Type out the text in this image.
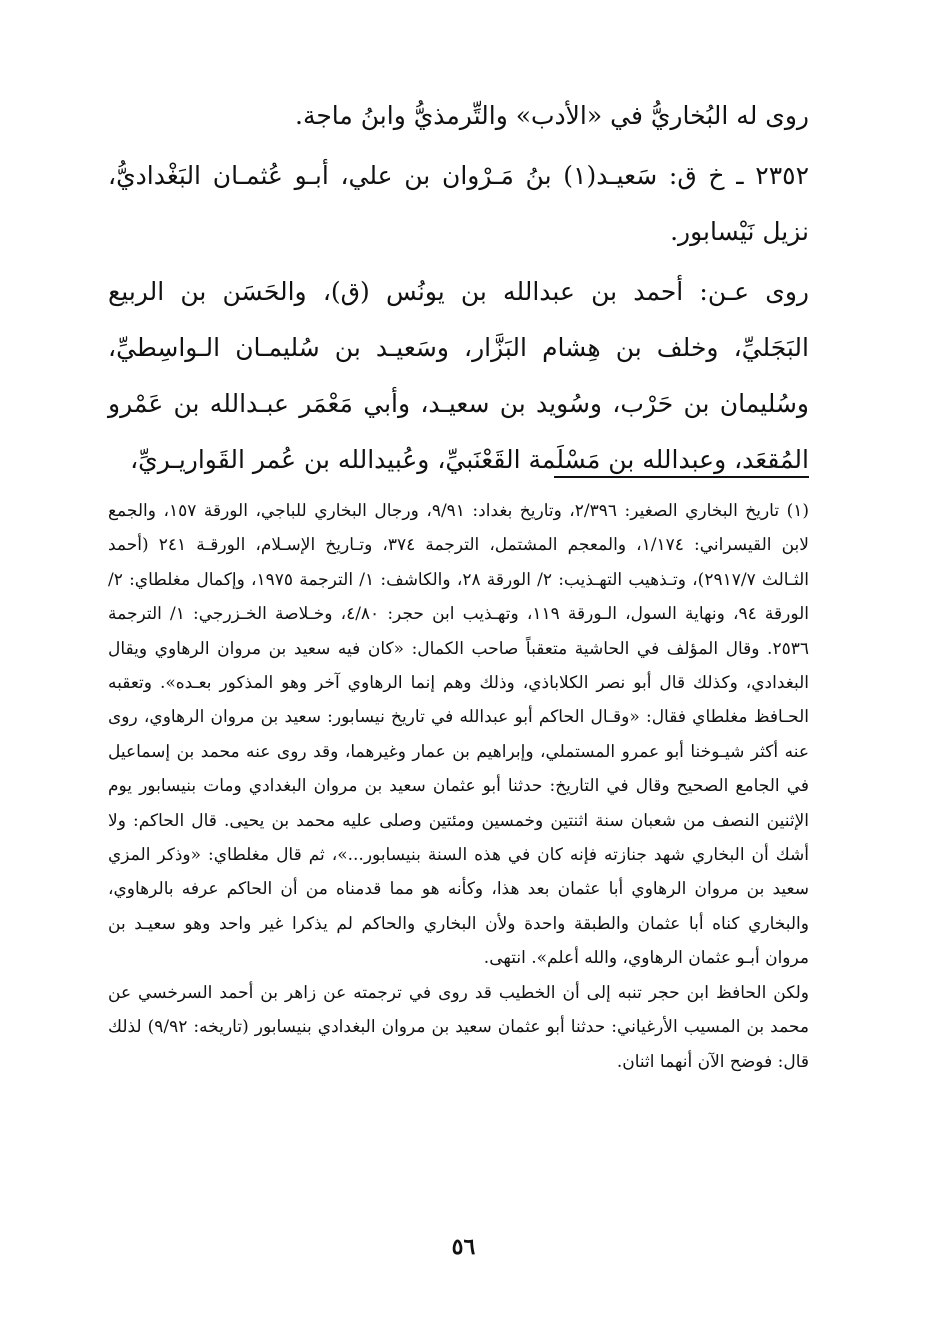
روى له البُخاريُّ في «الأدب» والتِّرمذيُّ وابنُ ماجة.

٢٣٥٢ ـ خ ق: سَعيـد(١) بنُ مَـرْوان بن علي، أبـو عُثمـان البَغْداديُّ، نزيل نَيْسابور.

روى عـن: أحمد بن عبدالله بن يونُس (ق)، والحَسَن بن الربيع البَجَليِّ، وخلف بن هِشام البَزَّار، وسَعيـد بن سُليمـان الـواسِطيِّ، وسُليمان بن حَرْب، وسُويد بن سعيـد، وأبي مَعْمَر عبـدالله بن عَمْرو المُقعَد، وعبدالله بن مَسْلَمة القَعْنَبيِّ، وعُبيدالله بن عُمر القَواريـريِّ،

(١) تاريخ البخاري الصغير: ٢/٣٩٦، وتاريخ بغداد: ٩/٩١، ورجال البخاري للباجي، الورقة ١٥٧، والجمع لابن القيسراني: ١/١٧٤، والمعجم المشتمل، الترجمة ٣٧٤، وتـاريخ الإسـلام، الورقـة ٢٤١ (أحمد الثـالث ٢٩١٧/٧)، وتـذهيب التهـذيب: ٢/ الورقة ٢٨، والكاشف: ١/ الترجمة ١٩٧٥، وإكمال مغلطاي: ٢/ الورقة ٩٤، ونهاية السول، الـورقة ١١٩، وتهـذيب ابن حجر: ٤/٨٠، وخـلاصة الخـزرجي: ١/ الترجمة ٢٥٣٦. وقال المؤلف في الحاشية متعقباً صاحب الكمال: «كان فيه سعيد بن مروان الرهاوي ويقال البغدادي، وكذلك قال أبو نصر الكلاباذي، وذلك وهم إنما الرهاوي آخر وهو المذكور بعـده». وتعقبه الحـافظ مغلطاي فقال: «وقـال الحاكم أبو عبدالله في تاريخ نيسابور: سعيد بن مروان الرهاوي، روى عنه أكثر شيـوخنا أبو عمرو المستملي، وإبراهيم بن عمار وغيرهما، وقد روى عنه محمد بن إسماعيل في الجامع الصحيح وقال في التاريخ: حدثنا أبو عثمان سعيد بن مروان البغدادي ومات بنيسابور يوم الإثنين النصف من شعبان سنة اثنتين وخمسين ومئتين وصلى عليه محمد بن يحيى. قال الحاكم: ولا أشك أن البخاري شهد جنازته فإنه كان في هذه السنة بنيسابور...»، ثم قال مغلطاي: «وذكر المزي سعيد بن مروان الرهاوي أبا عثمان بعد هذا، وكأنه هو مما قدمناه من أن الحاكم عرفه بالرهاوي، والبخاري كناه أبا عثمان والطبقة واحدة ولأن البخاري والحاكم لم يذكرا غير واحد وهو سعيـد بن مروان أبـو عثمان الرهاوي، والله أعلم». انتهى.

ولكن الحافظ ابن حجر تنبه إلى أن الخطيب قد روى في ترجمته عن زاهر بن أحمد السرخسي عن محمد بن المسيب الأرغياني: حدثنا أبو عثمان سعيد بن مروان البغدادي بنيسابور (تاريخه: ٩/٩٢) لذلك قال: فوضح الآن أنهما اثنان.

٥٦
